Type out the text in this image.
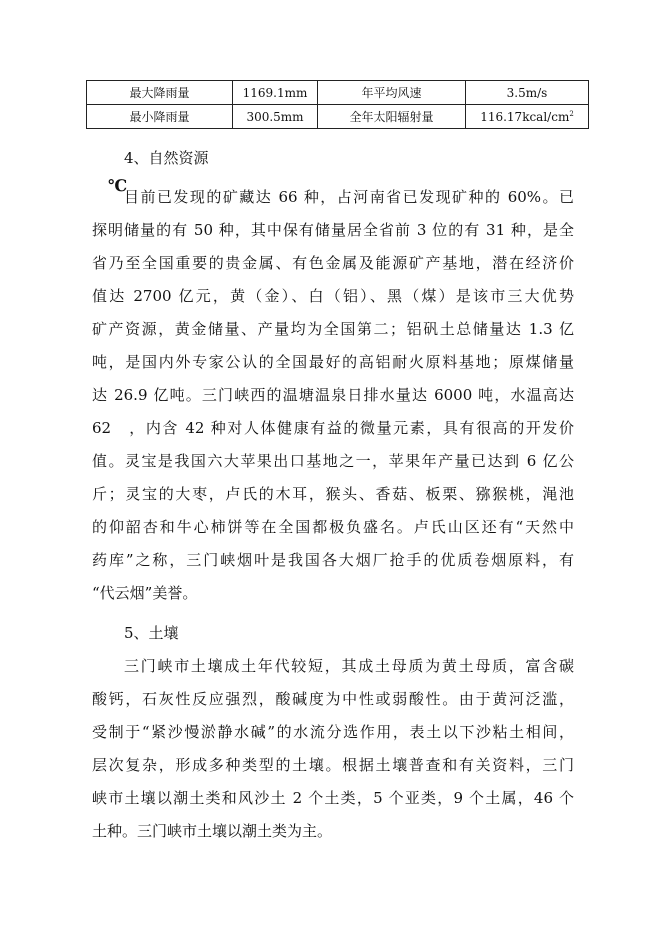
最大降雨量	1169.1mm	年平均风速	3.5m/s
最小降雨量	300.5mm	全年太阳辐射量	$116.17kcal/cm^2$
4、自然资源
℃
目前已发现的矿藏达 66 种，占河南省已发现矿种的 60%。已
探明储量的有 50 种，其中保有储量居全省前 3 位的有 31 种，是全
省乃至全国重要的贵金属、有色金属及能源矿产基地，潜在经济价
值达 2700 亿元，黄（金）、白（铝）、黑（煤）是该市三大优势
矿产资源，黄金储量、产量均为全国第二；铝矾土总储量达 1.3 亿
吨，是国内外专家公认的全国最好的高铝耐火原料基地；原煤储量
达 26.9 亿吨。三门峡西的温塘温泉日排水量达 6000 吨，水温高达
62　，内含 42 种对人体健康有益的微量元素，具有很高的开发价
值。灵宝是我国六大苹果出口基地之一，苹果年产量已达到 6 亿公
斤；灵宝的大枣，卢氏的木耳，猴头、香菇、板栗、猕猴桃，渑池
的仰韶杏和牛心柿饼等在全国都极负盛名。卢氏山区还有“天然中
药库”之称，三门峡烟叶是我国各大烟厂抢手的优质卷烟原料，有
“代云烟”美誉。
5、土壤
三门峡市土壤成土年代较短，其成土母质为黄土母质，富含碳
酸钙，石灰性反应强烈，酸碱度为中性或弱酸性。由于黄河泛滥，
受制于“紧沙慢淤静水碱”的水流分选作用，表土以下沙粘土相间，
层次复杂，形成多种类型的土壤。根据土壤普查和有关资料，三门
峡市土壤以潮土类和风沙土 2 个土类，5 个亚类，9 个土属，46 个
土种。三门峡市土壤以潮土类为主。
